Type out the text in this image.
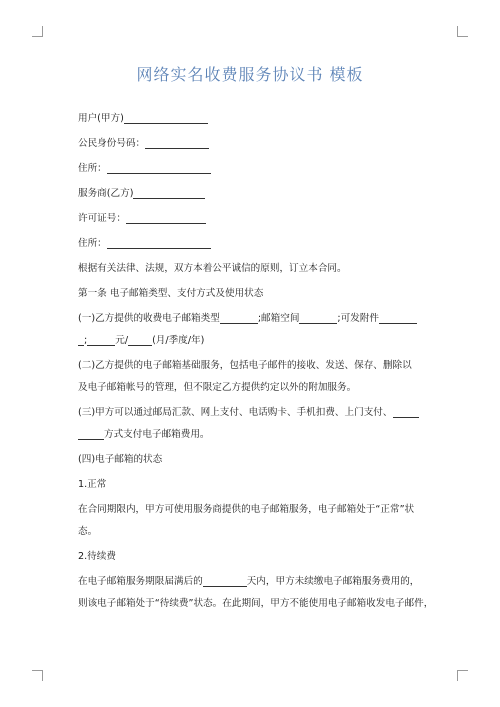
网络实名收费服务协议书 模板
用户(甲方)
公民身份号码：
住所：
服务商(乙方)
许可证号：
住所：
根据有关法律、法规，双方本着公平诚信的原则，订立本合同。
第一条 电子邮箱类型、支付方式及使用状态
(一)乙方提供的收费电子邮箱类型	;邮箱空间	;可发附件
;	元/	(月/季度/年)
(二)乙方提供的电子邮箱基础服务，包括电子邮件的接收、发送、保存、删除以
及电子邮箱帐号的管理，但不限定乙方提供约定以外的附加服务。
(三)甲方可以通过邮局汇款、网上支付、电话购卡、手机扣费、上门支付、
方式支付电子邮箱费用。
(四)电子邮箱的状态
1.正常
在合同期限内，甲方可使用服务商提供的电子邮箱服务，电子邮箱处于“正常”状
态。
2.待续费
在电子邮箱服务期限届满后的	天内，甲方未续缴电子邮箱服务费用的，
则该电子邮箱处于“待续费”状态。在此期间，甲方不能使用电子邮箱收发电子邮件，
